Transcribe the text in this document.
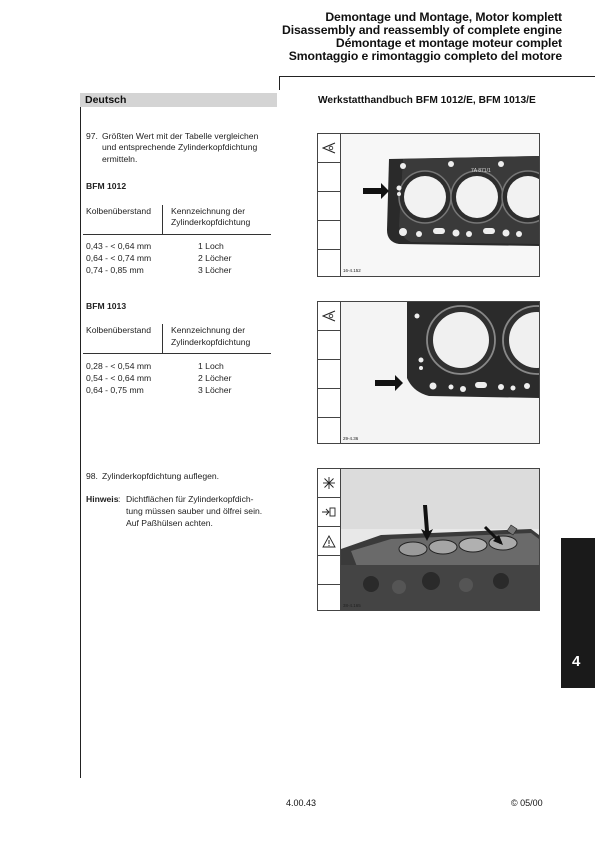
Demontage und Montage, Motor komplett
Disassembly and reassembly of complete engine
Démontage et montage moteur complet
Smontaggio e rimontaggio completo del motore
Deutsch	Werkstatthandbuch BFM 1012/E, BFM 1013/E
97. Größten Wert mit der Tabelle vergleichen
und entsprechende Zylinderkopfdichtung
ermitteln.
BFM 1012
Kolbenüberstand Kennzeichnung der
Zylinderkopfdichtung
0,43 - < 0,64 mm	1 Loch
0,64 - < 0,74 mm	2 Löcher
0,74 - 0,85 mm	3 Löcher
BFM 1013
Kolbenüberstand Kennzeichnung der
Zylinderkopfdichtung
0,28 - < 0,54 mm	1 Loch
0,54 - < 0,64 mm	2 Löcher
0,64 - 0,75 mm	3 Löcher
98. Zylinderkopfdichtung auflegen.
Hinweis : Dichtflächen für Zylinderkopfdich-
tung müssen sauber und ölfrei sein.
Auf Paßhülsen achten.
7A 871/1
16-4.152
29-4.36
38-4.165
4
4.00.43	© 05/00
